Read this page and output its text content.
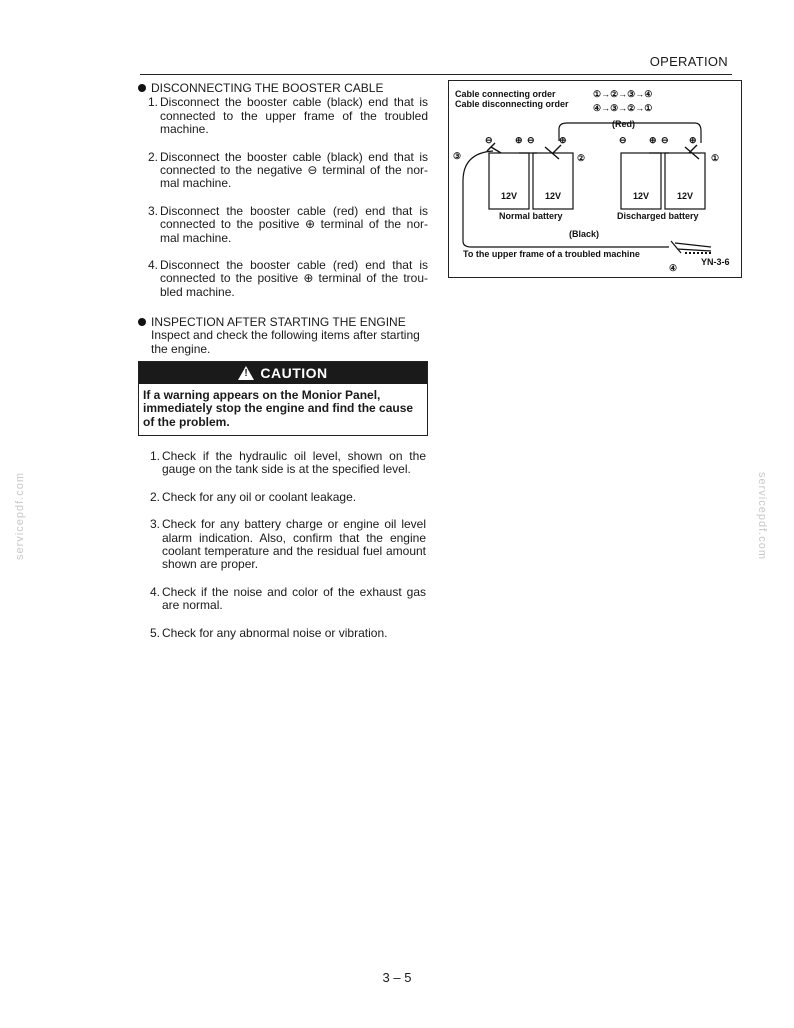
OPERATION
DISCONNECTING THE BOOSTER CABLE
1. Disconnect the booster cable (black) end that is connected to the upper frame of the troubled machine.
2. Disconnect the booster cable (black) end that is connected to the negative ⊖ terminal of the nor-mal machine.
3. Disconnect the booster cable (red) end that is connected to the positive ⊕ terminal of the nor-mal machine.
4. Disconnect the booster cable (red) end that is connected to the positive ⊕ terminal of the trou-bled machine.
INSPECTION AFTER STARTING THE ENGINE
Inspect and check the following items after starting the engine.
!
CAUTION
If a warning appears on the Monior Panel, immediately stop the engine and find the cause of the problem.
1. Check if the hydraulic oil level, shown on the gauge on the tank side is at the specified level.
2. Check for any oil or coolant leakage.
3. Check for any battery charge or engine oil level alarm indication. Also, confirm that the engine coolant temperature and the residual fuel amount shown are proper.
4. Check if the noise and color of the exhaust gas are normal.
5. Check for any abnormal noise or vibration.
Cable connecting order	①→②→③→④
Cable disconnecting order	④→③→②→①
(Red)
⊖ ⊕ ⊖	⊕	⊖ ⊕ ⊖ ⊕
12V	12V
Normal battery
12V	12V
Discharged battery
③	②	①
(Black)
To the upper frame of a troubled machine
④
YN-3-6
servicepdf.com	servicepdf.com
3 – 5
